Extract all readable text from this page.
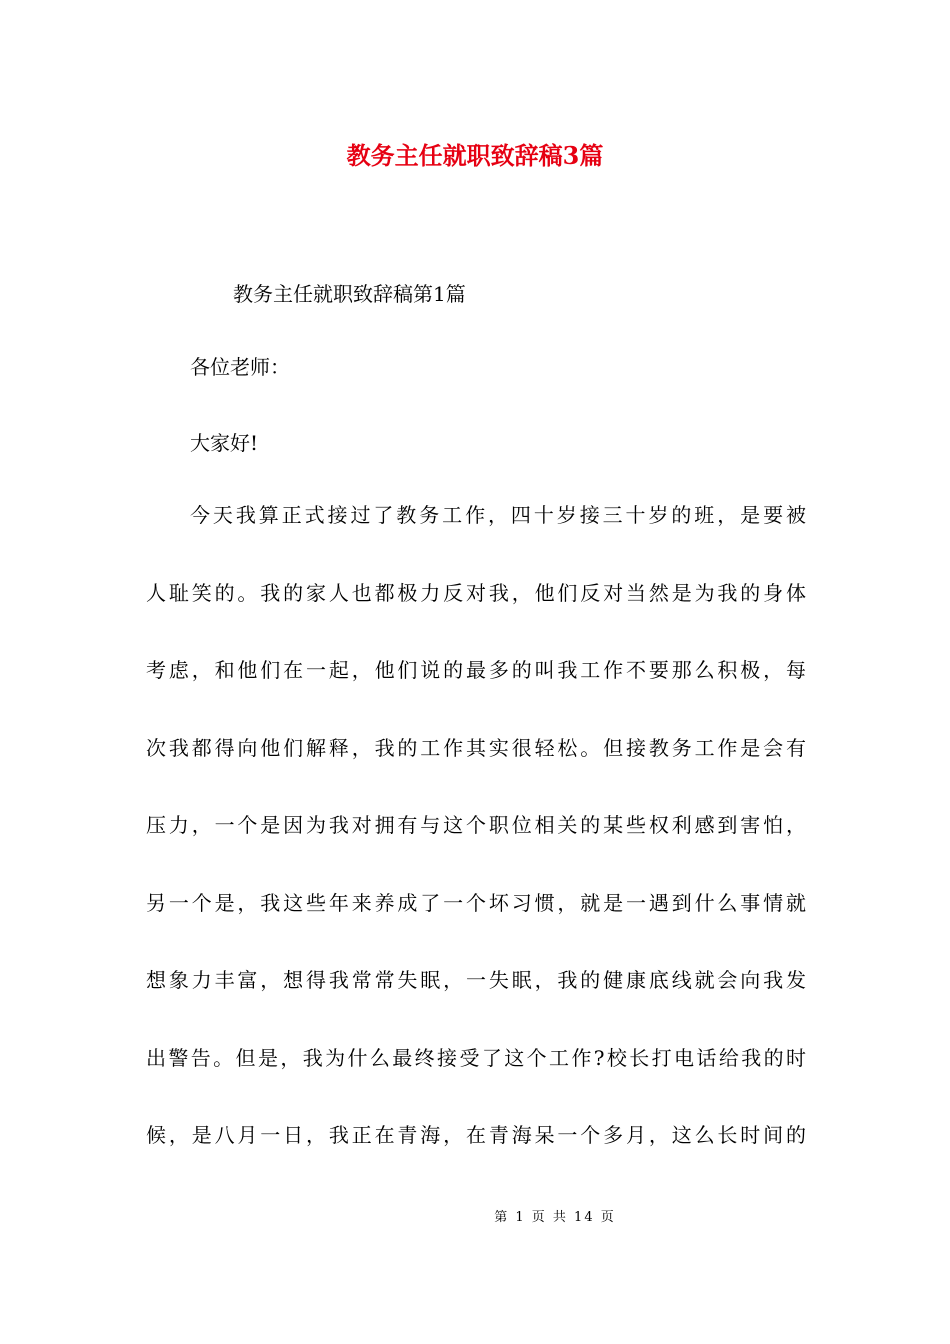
教务主任就职致辞稿3篇

教务主任就职致辞稿第1篇

各位老师：

大家好!

今天我算正式接过了教务工作，四十岁接三十岁的班，是要被
人耻笑的。我的家人也都极力反对我，他们反对当然是为我的身体
考虑，和他们在一起，他们说的最多的叫我工作不要那么积极，每
次我都得向他们解释，我的工作其实很轻松。但接教务工作是会有
压力，一个是因为我对拥有与这个职位相关的某些权利感到害怕，
另一个是，我这些年来养成了一个坏习惯，就是一遇到什么事情就
想象力丰富，想得我常常失眠，一失眠，我的健康底线就会向我发
出警告。但是，我为什么最终接受了这个工作?校长打电话给我的时
候，是八月一日，我正在青海，在青海呆一个多月，这么长时间的
第 1 页 共 14 页
